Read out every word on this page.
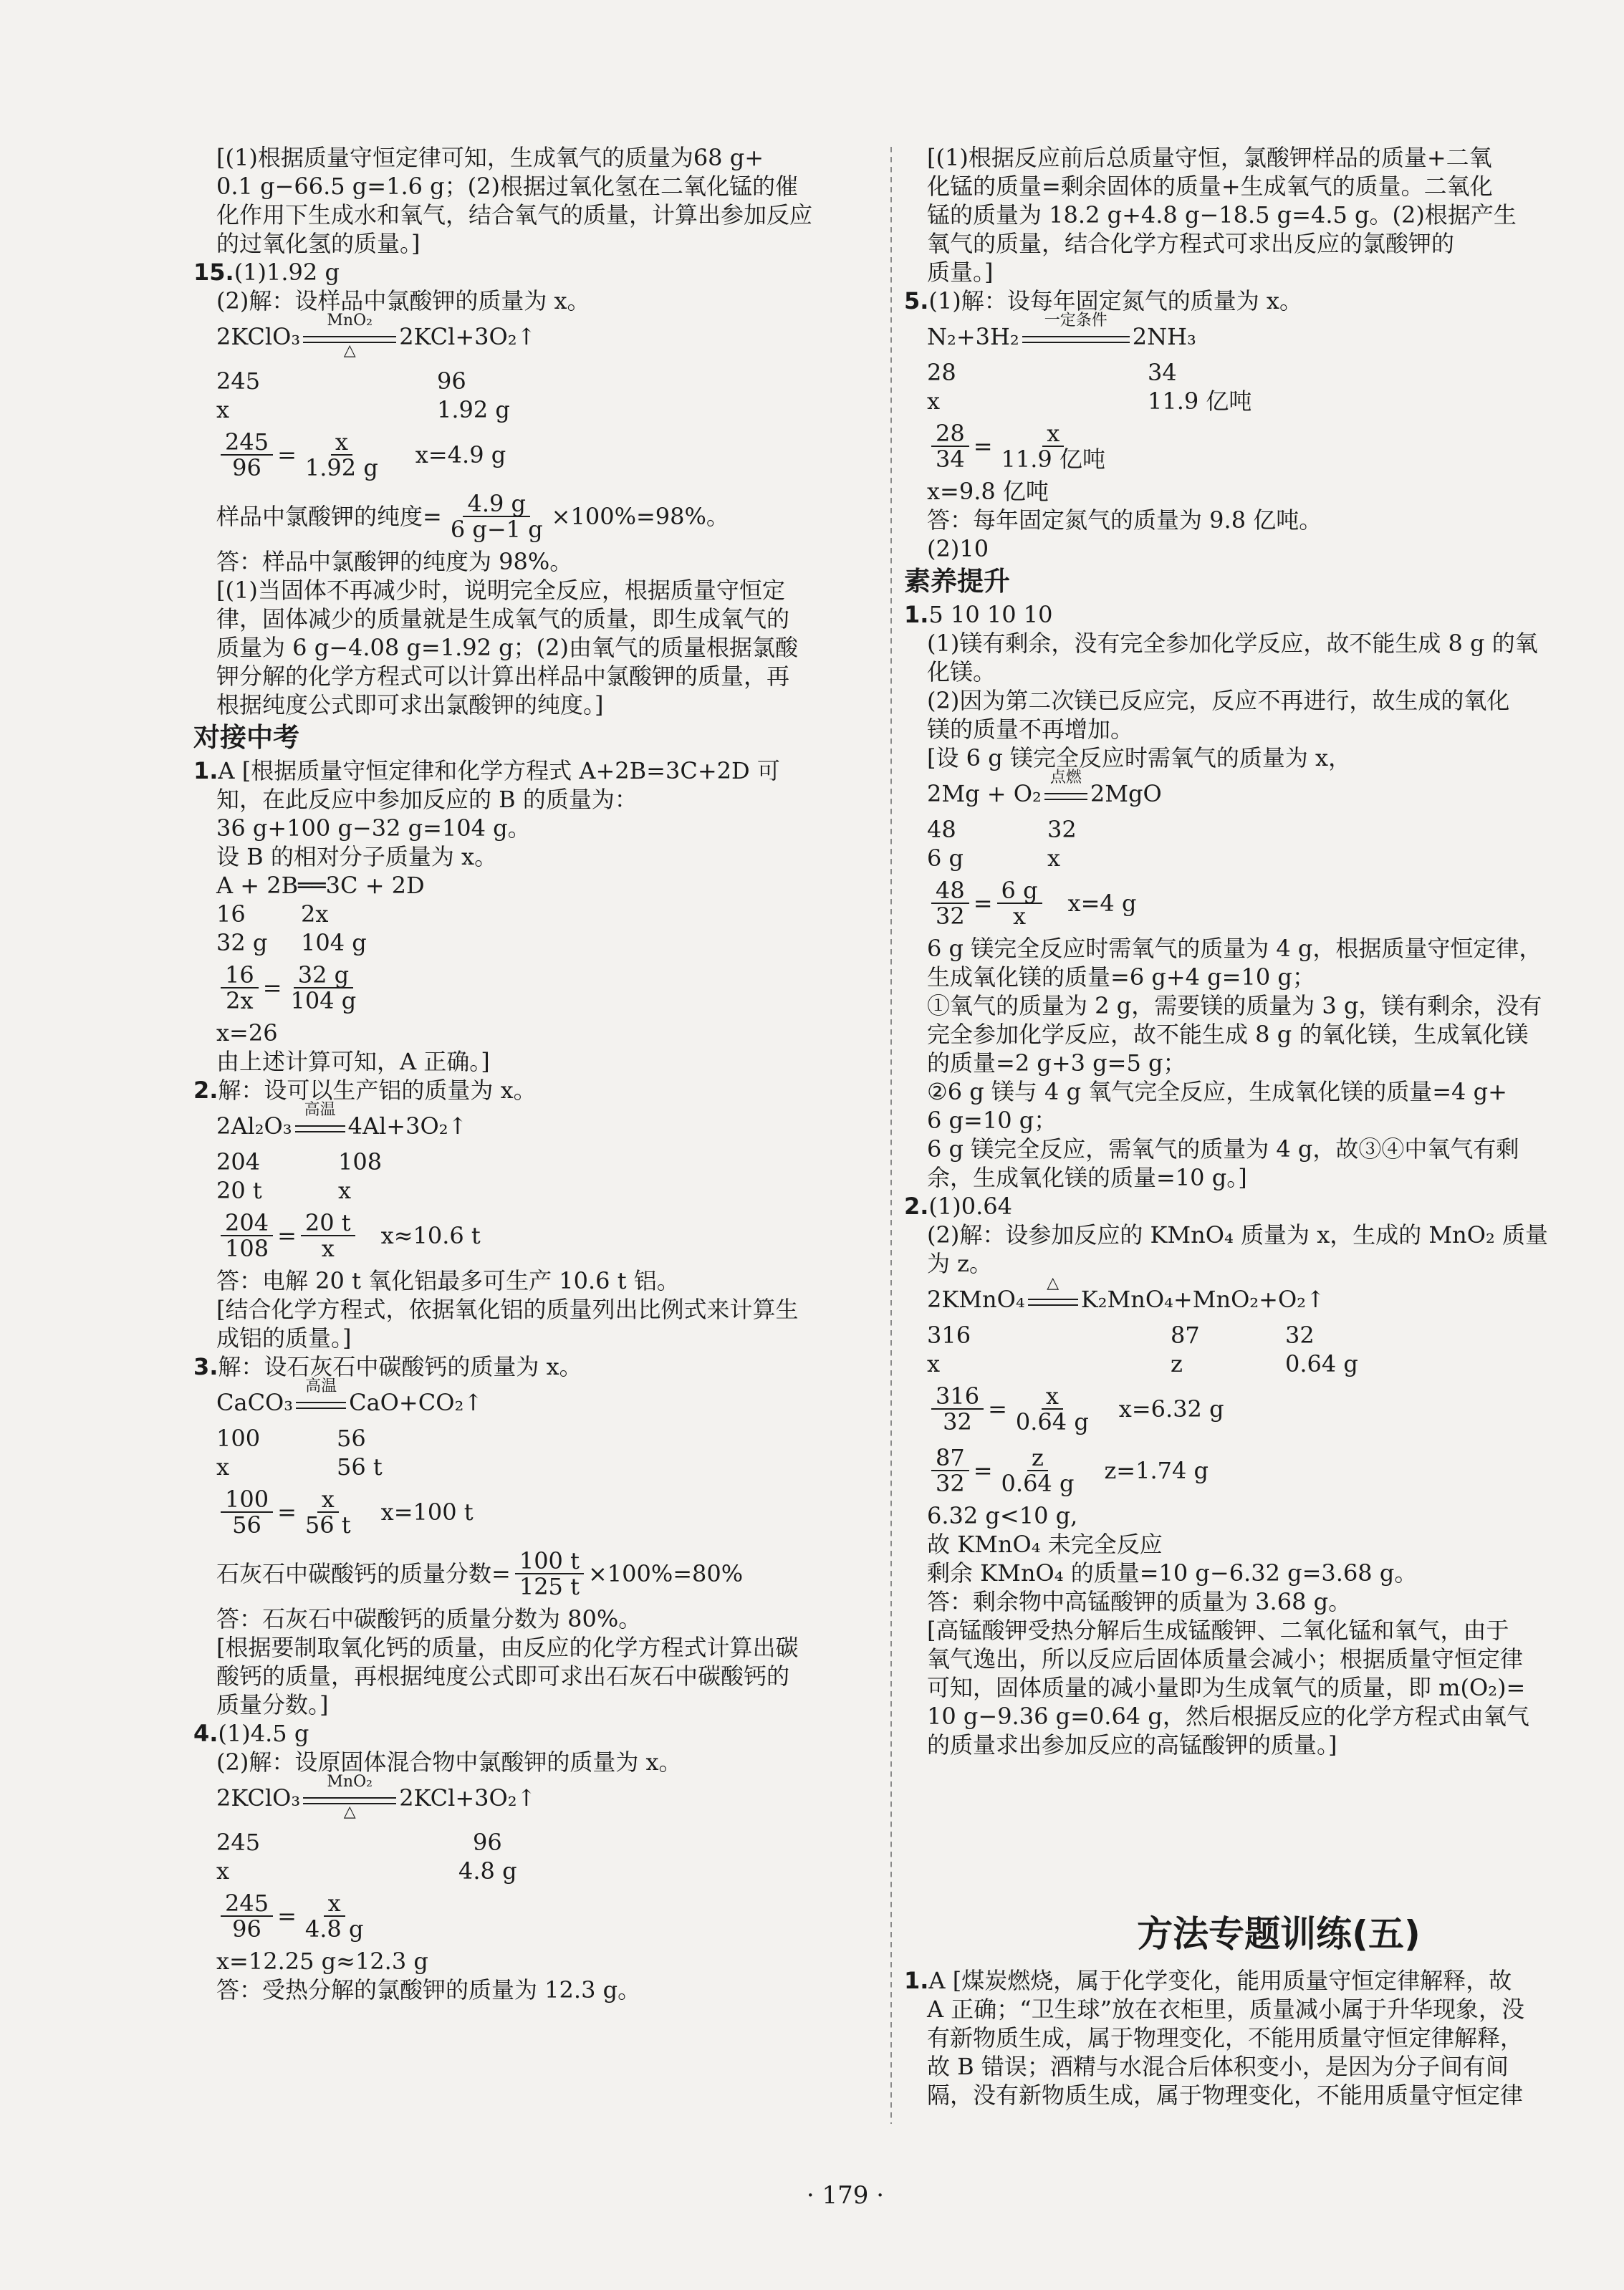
[(1)根据质量守恒定律可知，生成氧气的质量为68 g+
0.1 g−66.5 g=1.6 g；(2)根据过氧化氢在二氧化锰的催
化作用下生成水和氧气，结合氧气的质量，计算出参加反应
的过氧化氢的质量。]
15.(1)1.92 g
(2)解：设样品中氯酸钾的质量为 x。
2KClO₃
MnO₂
△	2KCl+3O₂↑
245	96
x	1.92 g
$\frac{245}{96} = \frac{x}{1.92 g} x=4.9$ g
样品中氯酸钾的纯度= $\frac{4.9 g}{6 g-1 g} \times 100\%=98\%$。
答：样品中氯酸钾的纯度为 98%。
[(1)当固体不再减少时，说明完全反应，根据质量守恒定
律，固体减少的质量就是生成氧气的质量，即生成氧气的
质量为 6 g−4.08 g=1.92 g；(2)由氧气的质量根据氯酸
钾分解的化学方程式可以计算出样品中氯酸钾的质量，再
根据纯度公式即可求出氯酸钾的纯度。]
对接中考
1.A [根据质量守恒定律和化学方程式 A+2B=3C+2D 可
知，在此反应中参加反应的 B 的质量为：
36 g+100 g−32 g=104 g。
设 B 的相对分子质量为 x。
A + 2B══3C + 2D
16 2x
32 g 104 g
$\frac{16}{2x} = \frac{32 g}{104 g}$
x=26
由上述计算可知，A 正确。]
2.解：设可以生产铝的质量为 x。
2Al₂O₃
高温
4Al+3O₂↑
204	108
20 t	x
$\frac{204}{108} = \frac{20 t}{x} x\approx 10.6$ t
答：电解 20 t 氧化铝最多可生产 10.6 t 铝。
[结合化学方程式，依据氧化铝的质量列出比例式来计算生
成铝的质量。]
3.解：设石灰石中碳酸钙的质量为 x。
CaCO₃
高温
CaO+CO₂↑
100	56
x	56 t
$\frac{100}{56} = \frac{x}{56 t} x=100$ t
石灰石中碳酸钙的质量分数= $\frac{100 t}{125 t} \times 100\%=80\%$
答：石灰石中碳酸钙的质量分数为 80%。
[根据要制取氧化钙的质量，由反应的化学方程式计算出碳
酸钙的质量，再根据纯度公式即可求出石灰石中碳酸钙的
质量分数。]
4.(1)4.5 g
(2)解：设原固体混合物中氯酸钾的质量为 x。
2KClO₃
MnO₂
△	2KCl+3O₂↑
245	96
x	4.8 g
$\frac{245}{96} = \frac{x}{4.8 g}$
x=12.25 g≈12.3 g
答：受热分解的氯酸钾的质量为 12.3 g。
[(1)根据反应前后总质量守恒，氯酸钾样品的质量+二氧
化锰的质量=剩余固体的质量+生成氧气的质量。二氧化
锰的质量为 18.2 g+4.8 g−18.5 g=4.5 g。(2)根据产生
氧气的质量，结合化学方程式可求出反应的氯酸钾的
质量。]
5.(1)解：设每年固定氮气的质量为 x。
N₂+3H₂
一定条件
2NH₃
28	34
x	11.9 亿吨
$\frac{28}{34} = \frac{x}{\text{11.9 亿吨}}$
x=9.8 亿吨
答：每年固定氮气的质量为 9.8 亿吨。
(2)10
素养提升
1.5 10 10 10
(1)镁有剩余，没有完全参加化学反应，故不能生成 8 g 的氧
化镁。
(2)因为第二次镁已反应完，反应不再进行，故生成的氧化
镁的质量不再增加。
[设 6 g 镁完全反应时需氧气的质量为 x，
2Mg + O₂
点燃
2MgO
48	32
6 g	x
$\frac{48}{32} = \frac{6 g}{x} x=4$ g
6 g 镁完全反应时需氧气的质量为 4 g，根据质量守恒定律，
生成氧化镁的质量=6 g+4 g=10 g；
①氧气的质量为 2 g，需要镁的质量为 3 g，镁有剩余，没有
完全参加化学反应，故不能生成 8 g 的氧化镁，生成氧化镁
的质量=2 g+3 g=5 g；
②6 g 镁与 4 g 氧气完全反应，生成氧化镁的质量=4 g+
6 g=10 g；
6 g 镁完全反应，需氧气的质量为 4 g，故③④中氧气有剩
余，生成氧化镁的质量=10 g。]
2.(1)0.64
(2)解：设参加反应的 KMnO₄ 质量为 x，生成的 MnO₂ 质量
为 z。
2KMnO₄
△
K₂MnO₄+MnO₂+O₂↑
316	87	32
x	z	0.64 g
$\frac{316}{32} = \frac{x}{0.64 g} x=6.32$ g
$\frac{87}{32} = \frac{z}{0.64 g} z=1.74$ g
6.32 g<10 g,
故 KMnO₄ 未完全反应
剩余 KMnO₄ 的质量=10 g−6.32 g=3.68 g。
答：剩余物中高锰酸钾的质量为 3.68 g。
[高锰酸钾受热分解后生成锰酸钾、二氧化锰和氧气，由于
氧气逸出，所以反应后固体质量会减小；根据质量守恒定律
可知，固体质量的减小量即为生成氧气的质量，即 m(O₂)=
10 g−9.36 g=0.64 g，然后根据反应的化学方程式由氧气
的质量求出参加反应的高锰酸钾的质量。]
方法专题训练(五)
1.A [煤炭燃烧，属于化学变化，能用质量守恒定律解释，故
A 正确；“卫生球”放在衣柜里，质量减小属于升华现象，没
有新物质生成，属于物理变化，不能用质量守恒定律解释，
故 B 错误；酒精与水混合后体积变小，是因为分子间有间
隔，没有新物质生成，属于物理变化，不能用质量守恒定律
· 179 ·
